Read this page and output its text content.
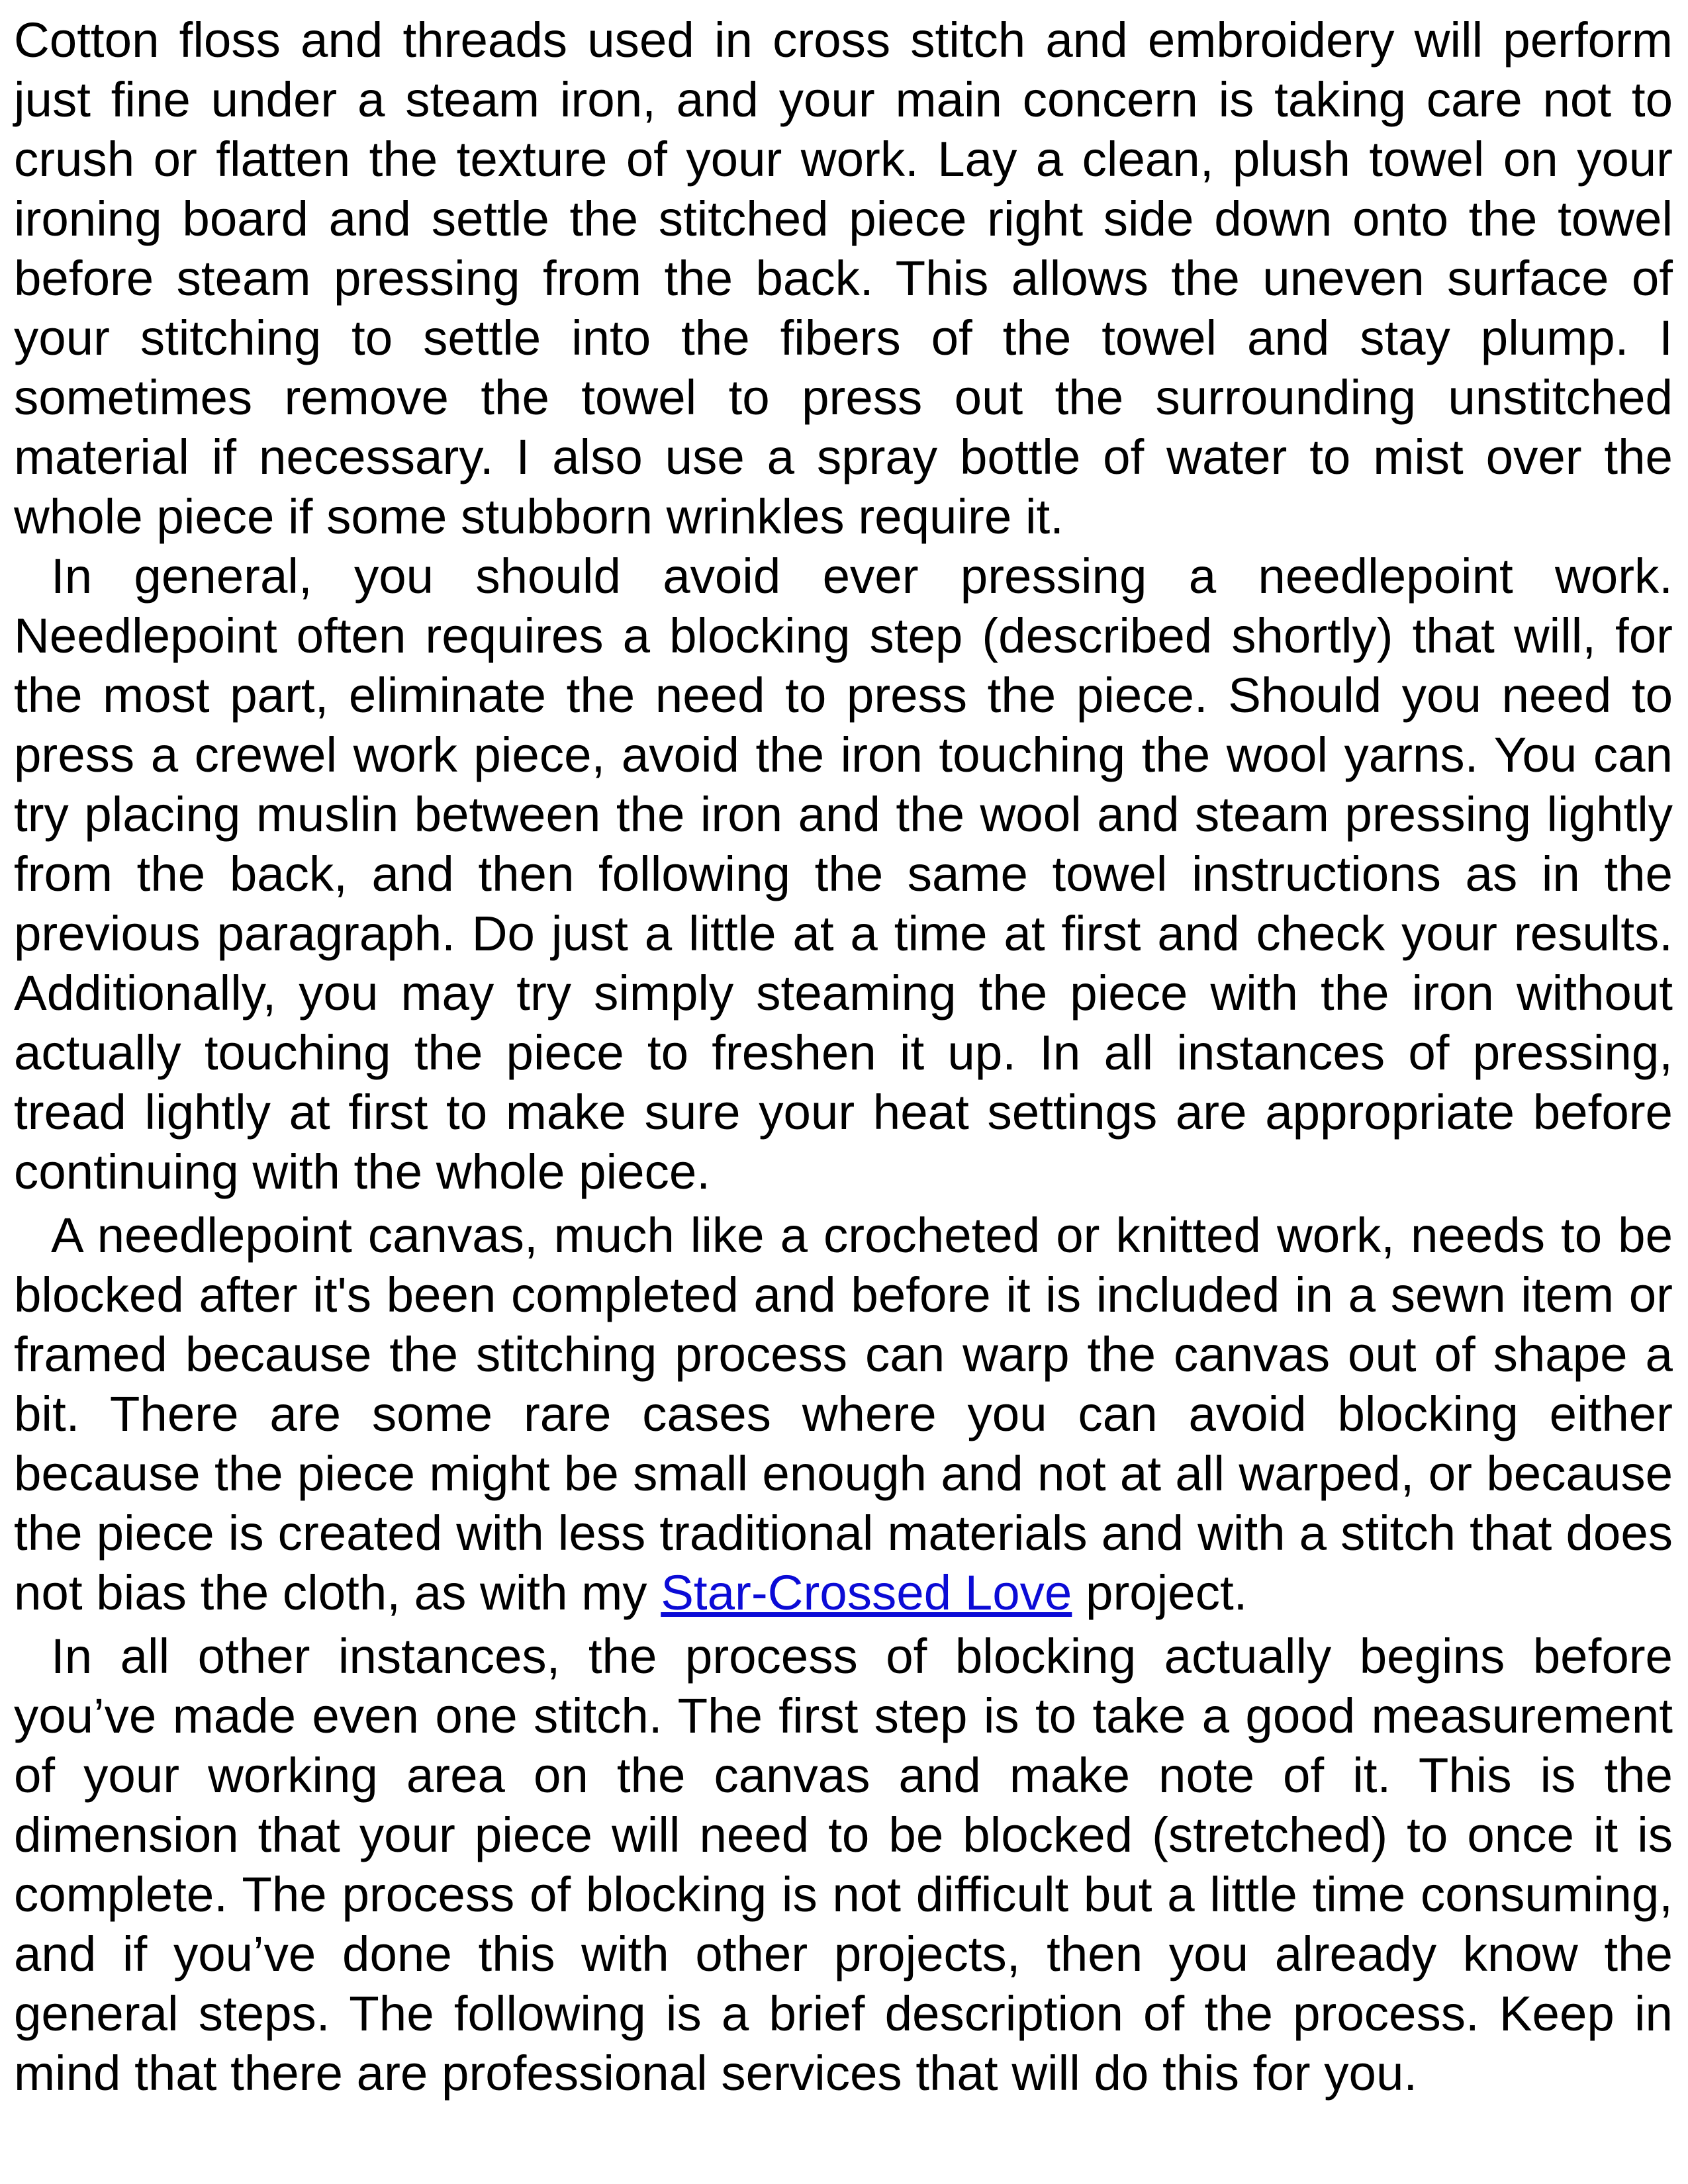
Cotton floss and threads used in cross stitch and embroidery will perform just fine under a steam iron, and your main concern is taking care not to crush or flatten the texture of your work. Lay a clean, plush towel on your ironing board and settle the stitched piece right side down onto the towel before steam pressing from the back. This allows the uneven surface of your stitching to settle into the fibers of the towel and stay plump. I sometimes remove the towel to press out the surrounding unstitched material if necessary. I also use a spray bottle of water to mist over the whole piece if some stubborn wrinkles require it.

In general, you should avoid ever pressing a needlepoint work. Needlepoint often requires a blocking step (described shortly) that will, for the most part, eliminate the need to press the piece. Should you need to press a crewel work piece, avoid the iron touching the wool yarns. You can try placing muslin between the iron and the wool and steam pressing lightly from the back, and then following the same towel instructions as in the previous paragraph. Do just a little at a time at first and check your results. Additionally, you may try simply steaming the piece with the iron without actually touching the piece to freshen it up. In all instances of pressing, tread lightly at first to make sure your heat settings are appropriate before continuing with the whole piece.

A needlepoint canvas, much like a crocheted or knitted work, needs to be blocked after it's been completed and before it is included in a sewn item or framed because the stitching process can warp the canvas out of shape a bit. There are some rare cases where you can avoid blocking either because the piece might be small enough and not at all warped, or because the piece is created with less traditional materials and with a stitch that does not bias the cloth, as with my Star-Crossed Love project.

In all other instances, the process of blocking actually begins before you’ve made even one stitch. The first step is to take a good measurement of your working area on the canvas and make note of it. This is the dimension that your piece will need to be blocked (stretched) to once it is complete. The process of blocking is not difficult but a little time consuming, and if you’ve done this with other projects, then you already know the general steps. The following is a brief description of the process. Keep in mind that there are professional services that will do this for you.
